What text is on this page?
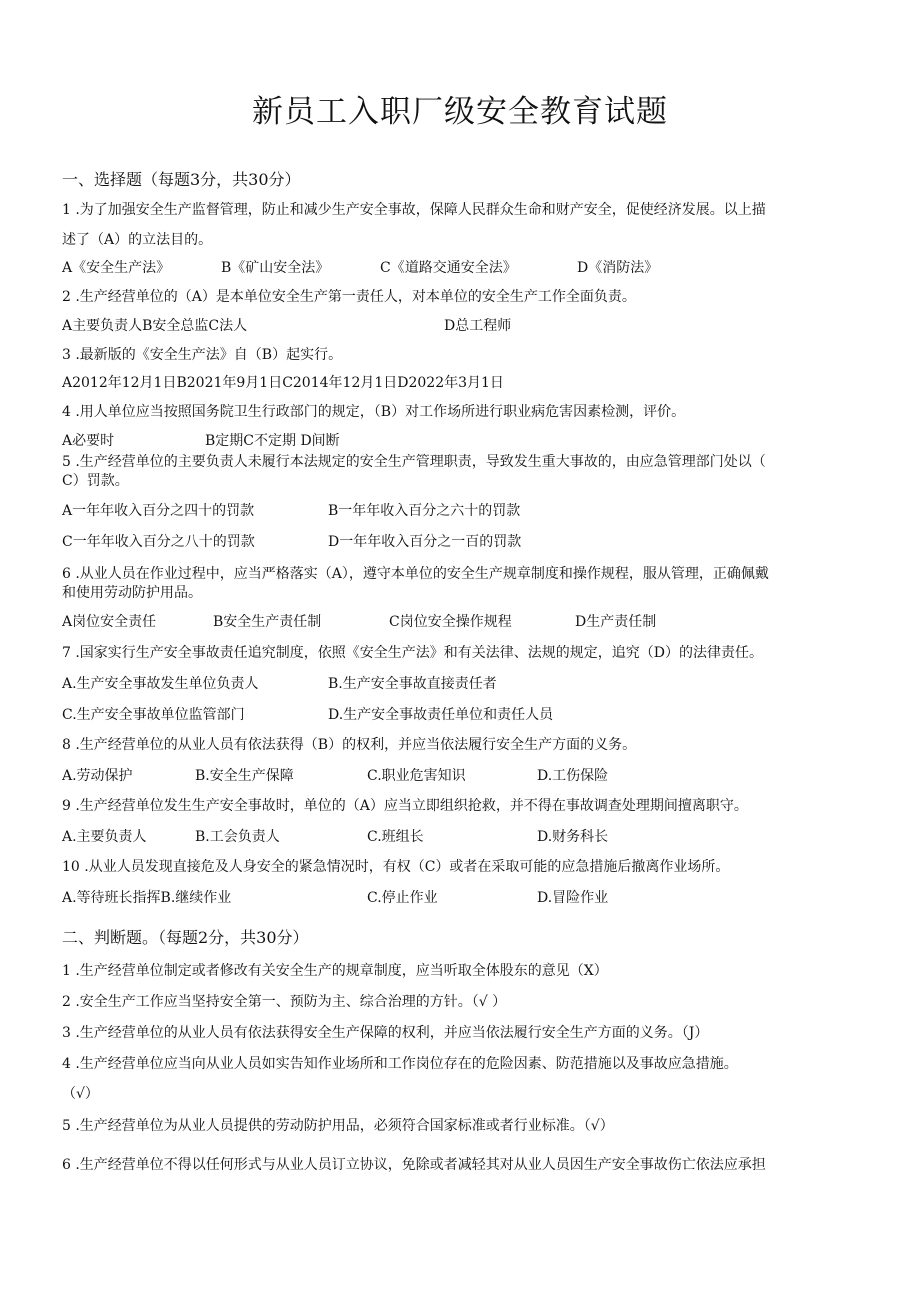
新员工入职厂级安全教育试题
一、选择题（每题3分，共30分）
1 .为了加强安全生产监督管理，防止和减少生产安全事故，保障人民群众生命和财产安全，促使经济发展。以上描
述了（A）的立法目的。
A《安全生产法》	B《矿山安全法》	C《道路交通安全法》	D《消防法》
2 .生产经营单位的（A）是本单位安全生产第一责任人，对本单位的安全生产工作全面负责。
A主要负责人B安全总监C法人	D总工程师
3 .最新版的《安全生产法》自（B）起实行。
A2012年12月1日B2021年9月1日C2014年12月1日D2022年3月1日
4 .用人单位应当按照国务院卫生行政部门的规定，（B）对工作场所进行职业病危害因素检测，评价。
A必要时	B定期C不定期 D间断
5 .生产经营单位的主要负责人未履行本法规定的安全生产管理职责，导致发生重大事故的，由应急管理部门处以（
C）罚款。
A一年年收入百分之四十的罚款	B一年年收入百分之六十的罚款
C一年年收入百分之八十的罚款	D一年年收入百分之一百的罚款
6 .从业人员在作业过程中，应当严格落实（A），遵守本单位的安全生产规章制度和操作规程，服从管理，正确佩戴
和使用劳动防护用品。
A岗位安全责任	B安全生产责任制	C岗位安全操作规程	D生产责任制
7 .国家实行生产安全事故责任追究制度，依照《安全生产法》和有关法律、法规的规定，追究（D）的法律责任。
A.生产安全事故发生单位负责人	B.生产安全事故直接责任者
C.生产安全事故单位监管部门	D.生产安全事故责任单位和责任人员
8 .生产经营单位的从业人员有依法获得（B）的权利，并应当依法履行安全生产方面的义务。
A.劳动保护	B.安全生产保障	C.职业危害知识	D.工伤保险
9 .生产经营单位发生生产安全事故时，单位的（A）应当立即组织抢救，并不得在事故调查处理期间擅离职守。
A.主要负责人	B.工会负责人	C.班组长	D.财务科长
10 .从业人员发现直接危及人身安全的紧急情况时，有权（C）或者在采取可能的应急措施后撤离作业场所。
A.等待班长指挥B.继续作业	C.停止作业	D.冒险作业
二、判断题。（每题2分，共30分）
1 .生产经营单位制定或者修改有关安全生产的规章制度，应当听取全体股东的意见（X）
2 .安全生产工作应当坚持安全第一、预防为主、综合治理的方针。（√ ）
3 .生产经营单位的从业人员有依法获得安全生产保障的权利，并应当依法履行安全生产方面的义务。（J）
4 .生产经营单位应当向从业人员如实告知作业场所和工作岗位存在的危险因素、防范措施以及事故应急措施。
（√）
5 .生产经营单位为从业人员提供的劳动防护用品，必须符合国家标准或者行业标准。（√）
6 .生产经营单位不得以任何形式与从业人员订立协议，免除或者减轻其对从业人员因生产安全事故伤亡依法应承担
